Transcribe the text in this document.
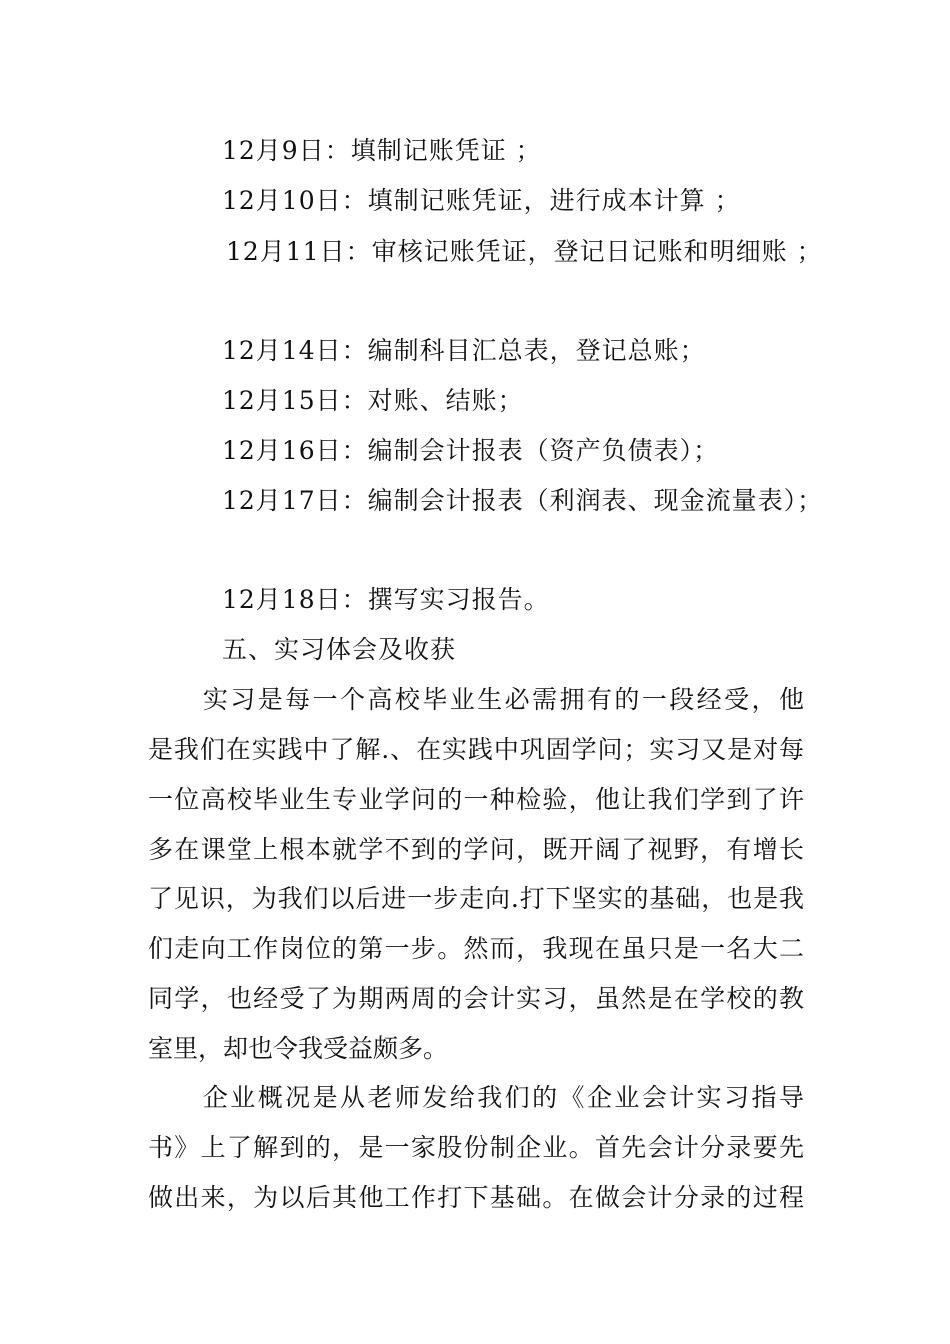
12月9日：填制记账凭证 ；
12月10日：填制记账凭证，进行成本计算 ；
12月11日：审核记账凭证，登记日记账和明细账 ；
12月14日：编制科目汇总表，登记总账；
12月15日：对账、结账；
12月16日：编制会计报表（资产负债表）；
12月17日：编制会计报表（利润表、现金流量表）；
12月18日：撰写实习报告。
五、实习体会及收获
　　实习是每一个高校毕业生必需拥有的一段经受，他
是我们在实践中了解.、在实践中巩固学问；实习又是对每
一位高校毕业生专业学问的一种检验，他让我们学到了许
多在课堂上根本就学不到的学问，既开阔了视野，有增长
了见识，为我们以后进一步走向.打下坚实的基础，也是我
们走向工作岗位的第一步。然而，我现在虽只是一名大二
同学，也经受了为期两周的会计实习，虽然是在学校的教
室里，却也令我受益颇多。
　　企业概况是从老师发给我们的《企业会计实习指导
书》上了解到的，是一家股份制企业。首先会计分录要先
做出来，为以后其他工作打下基础。在做会计分录的过程
